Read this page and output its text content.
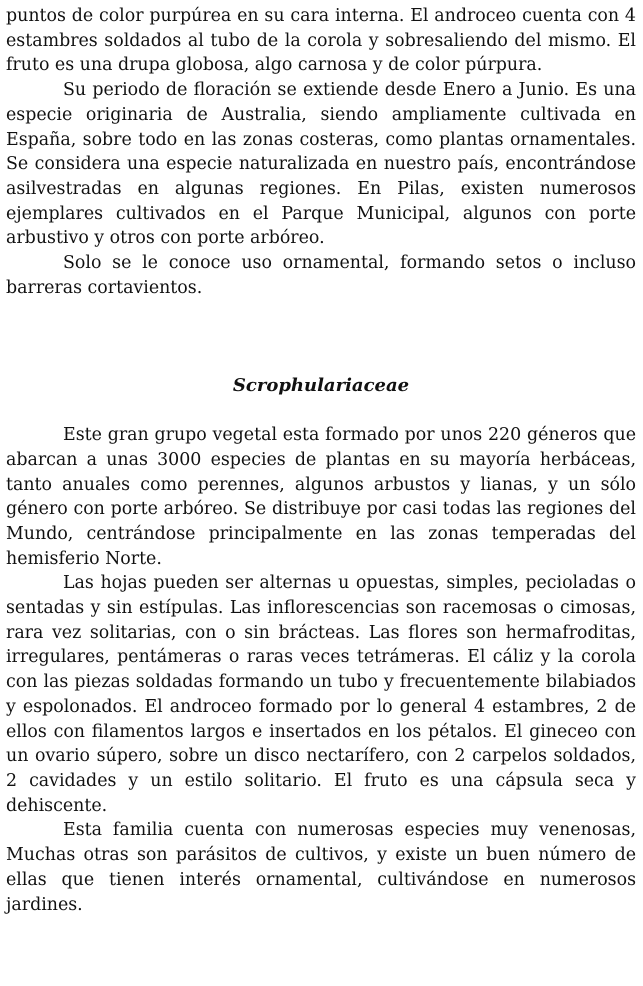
puntos de color purpúrea en su cara interna. El androceo cuenta con 4 estambres soldados al tubo de la corola y sobresaliendo del mismo. El fruto es una drupa globosa, algo carnosa y de color púrpura.

Su periodo de floración se extiende desde Enero a Junio. Es una especie originaria de Australia, siendo ampliamente cultivada en España, sobre todo en las zonas costeras, como plantas ornamentales. Se considera una especie naturalizada en nuestro país, encontrándose asilvestradas en algunas regiones. En Pilas, existen numerosos ejemplares cultivados en el Parque Municipal, algunos con porte arbustivo y otros con porte arbóreo.

Solo se le conoce uso ornamental, formando setos o incluso barreras cortavientos.

Scrophulariaceae

Este gran grupo vegetal esta formado por unos 220 géneros que abarcan a unas 3000 especies de plantas en su mayoría herbáceas, tanto anuales como perennes, algunos arbustos y lianas, y un sólo género con porte arbóreo. Se distribuye por casi todas las regiones del Mundo, centrándose principalmente en las zonas temperadas del hemisferio Norte.

Las hojas pueden ser alternas u opuestas, simples, pecioladas o sentadas y sin estípulas. Las inflorescencias son racemosas o cimosas, rara vez solitarias, con o sin brácteas. Las flores son hermafroditas, irregulares, pentámeras o raras veces tetrámeras. El cáliz y la corola con las piezas soldadas formando un tubo y frecuentemente bilabiados y espolonados. El androceo formado por lo general 4 estambres, 2 de ellos con filamentos largos e insertados en los pétalos. El gineceo con un ovario súpero, sobre un disco nectarífero, con 2 carpelos soldados, 2 cavidades y un estilo solitario. El fruto es una cápsula seca y dehiscente.

Esta familia cuenta con numerosas especies muy venenosas, Muchas otras son parásitos de cultivos, y existe un buen número de ellas que tienen interés ornamental, cultivándose en numerosos jardines.
